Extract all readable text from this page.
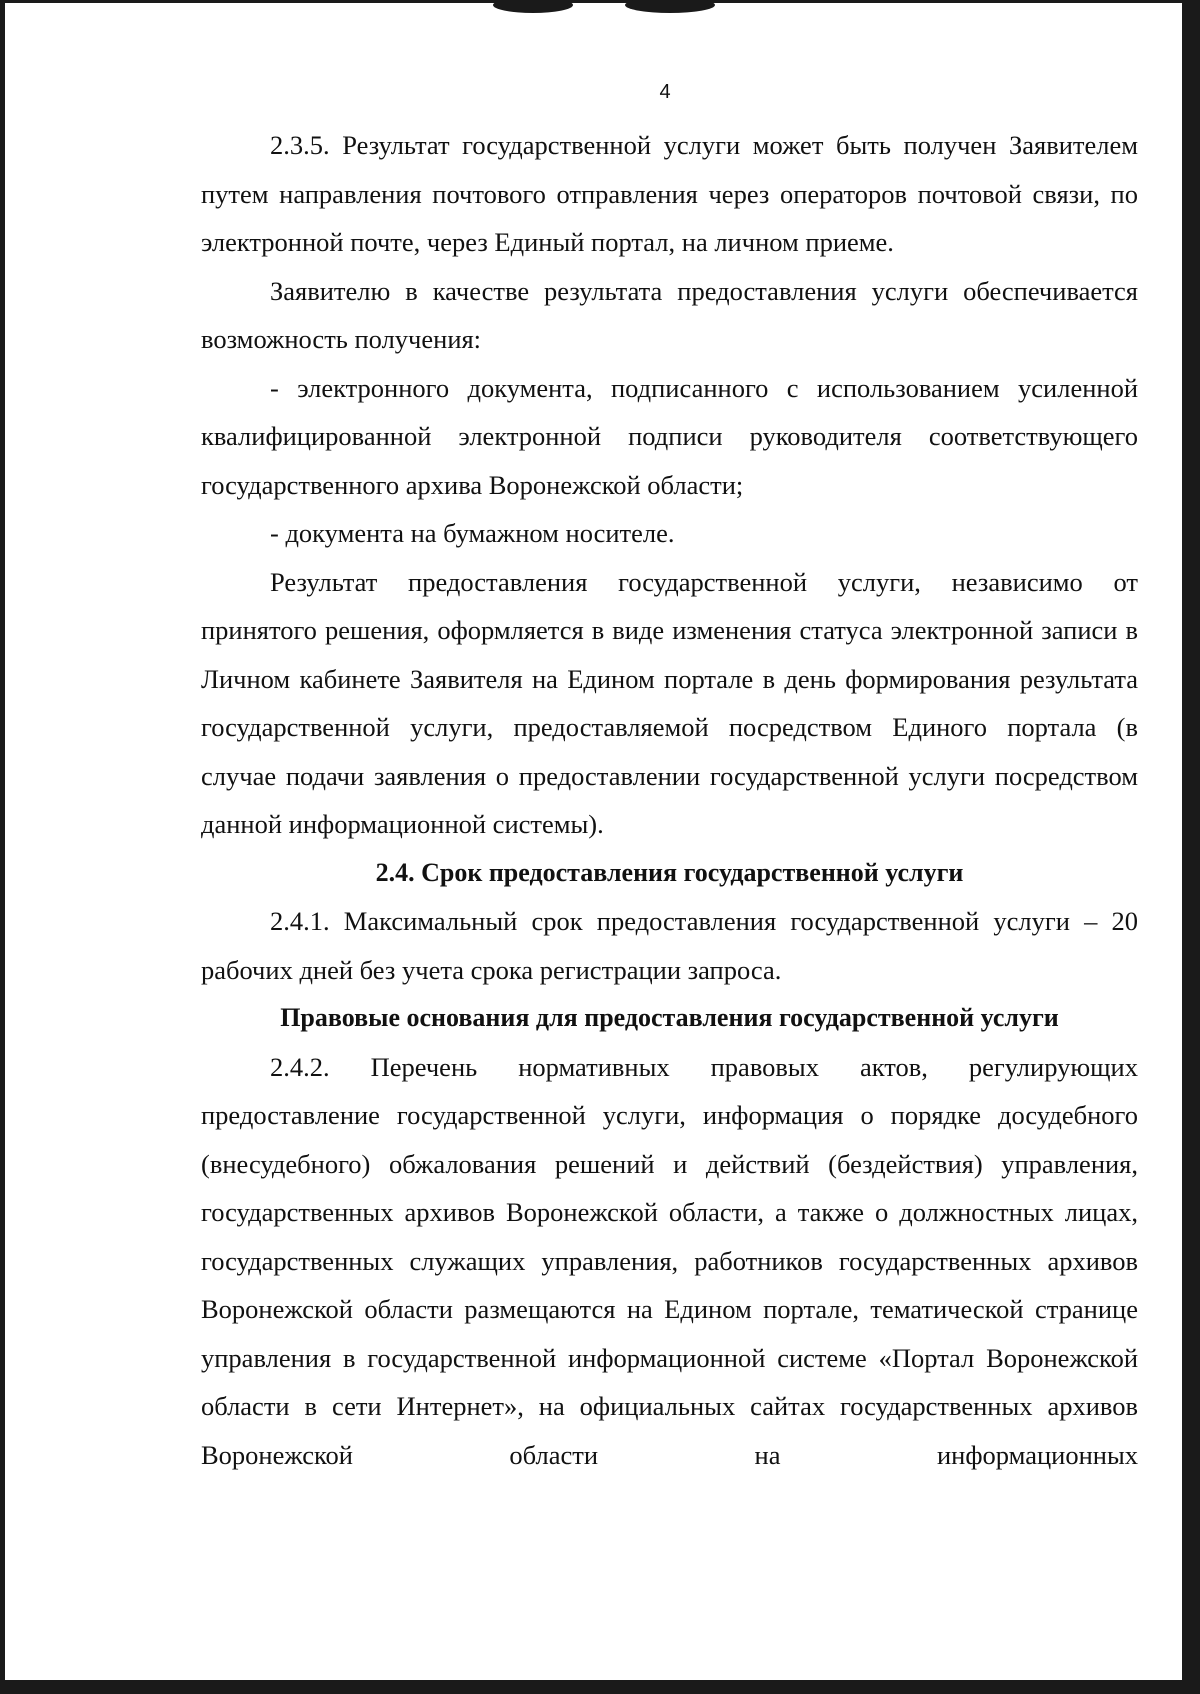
4

2.3.5. Результат государственной услуги может быть получен Заявителем путем направления почтового отправления через операторов почтовой связи, по электронной почте, через Единый портал, на личном приеме.

Заявителю в качестве результата предоставления услуги обеспечивается возможность получения:

- электронного документа, подписанного с использованием усиленной квалифицированной электронной подписи руководителя соответствующего государственного архива Воронежской области;

- документа на бумажном носителе.

Результат предоставления государственной услуги, независимо от принятого решения, оформляется в виде изменения статуса электронной записи в Личном кабинете Заявителя на Едином портале в день формирования результата государственной услуги, предоставляемой посредством Единого портала (в случае подачи заявления о предоставлении государственной услуги посредством данной информационной системы).

2.4. Срок предоставления государственной услуги

2.4.1. Максимальный срок предоставления государственной услуги – 20 рабочих дней без учета срока регистрации запроса.

Правовые основания для предоставления государственной услуги

2.4.2. Перечень нормативных правовых актов, регулирующих предоставление государственной услуги, информация о порядке досудебного (внесудебного) обжалования решений и действий (бездействия) управления, государственных архивов Воронежской области, а также о должностных лицах, государственных служащих управления, работников государственных архивов Воронежской области размещаются на Едином портале, тематической странице управления в государственной информационной системе «Портал Воронежской области в сети Интернет», на официальных сайтах государственных архивов Воронежской области на информационных
